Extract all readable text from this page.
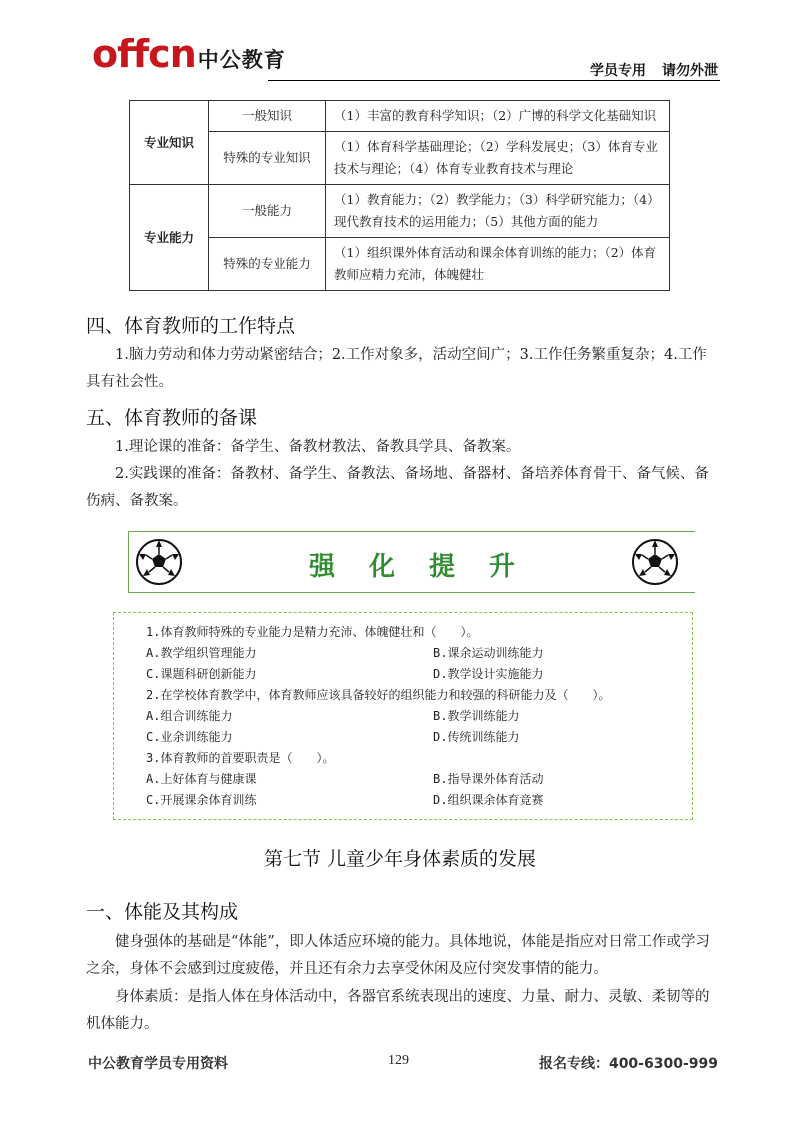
offcn中公教育	学员专用 请勿外泄
专业知识	一般知识	（1）丰富的教育科学知识；（2）广博的科学文化基础知识
	特殊的专业知识	（1）体育科学基础理论；（2）学科发展史；（3）体育专业技术与理论；（4）体育专业教育技术与理论
专业能力	一般能力	（1）教育能力；（2）教学能力；（3）科学研究能力；（4）现代教育技术的运用能力；（5）其他方面的能力
	特殊的专业能力	（1）组织课外体育活动和课余体育训练的能力；（2）体育教师应精力充沛，体魄健壮
四、体育教师的工作特点

1.脑力劳动和体力劳动紧密结合；2.工作对象多，活动空间广；3.工作任务繁重复杂；4.工作具有社会性。

五、体育教师的备课

1.理论课的准备：备学生、备教材教法、备教具学具、备教案。

2.实践课的准备：备教材、备学生、备教法、备场地、备器材、备培养体育骨干、备气候、备伤病、备教案。

强化提升
1.体育教师特殊的专业能力是精力充沛、体魄健壮和（　　）。
A.教学组织管理能力	B.课余运动训练能力
C.课题科研创新能力	D.教学设计实施能力
2.在学校体育教学中，体育教师应该具备较好的组织能力和较强的科研能力及（　　）。
A.组合训练能力	B.教学训练能力
C.业余训练能力	D.传统训练能力
3.体育教师的首要职责是（　　）。
A.上好体育与健康课	B.指导课外体育活动
C.开展课余体育训练	D.组织课余体育竞赛
第七节 儿童少年身体素质的发展
一、体能及其构成

健身强体的基础是“体能”，即人体适应环境的能力。具体地说，体能是指应对日常工作或学习之余，身体不会感到过度疲倦，并且还有余力去享受休闲及应付突发事情的能力。

身体素质：是指人体在身体活动中，各器官系统表现出的速度、力量、耐力、灵敏、柔韧等的机体能力。

中公教育学员专用资料	129	报名专线：400-6300-999
